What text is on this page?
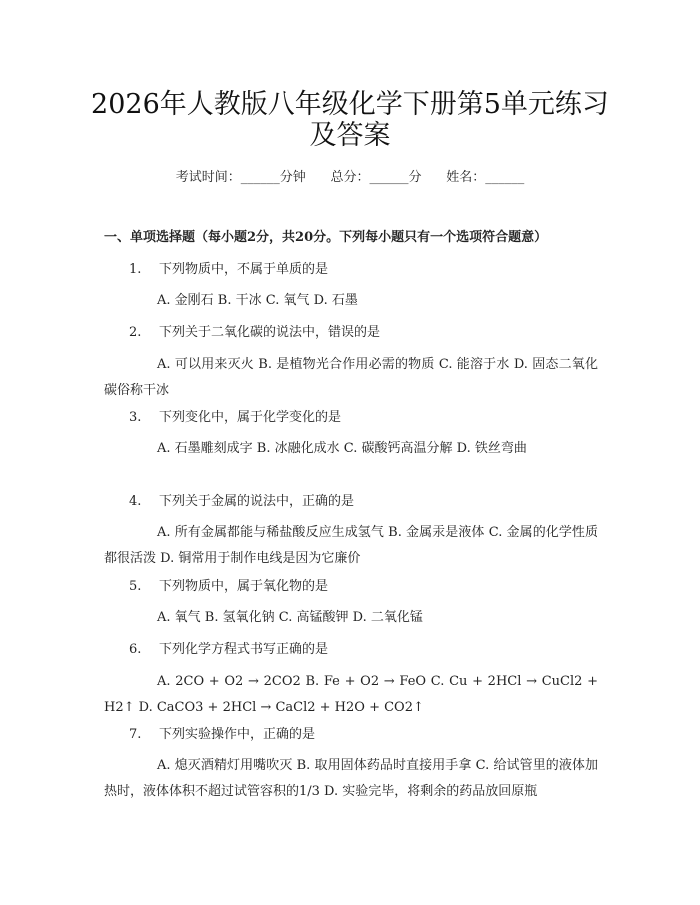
2026年人教版八年级化学下册第5单元练习
及答案
考试时间：______分钟      总分：______分      姓名：______
一、单项选择题（每小题2分，共20分。下列每小题只有一个选项符合题意）
1. 下列物质中，不属于单质的是
A. 金刚石 B. 干冰 C. 氧气 D. 石墨
2. 下列关于二氧化碳的说法中，错误的是
A. 可以用来灭火 B. 是植物光合作用必需的物质 C. 能溶于水 D. 固态二氧化碳俗称干冰
3. 下列变化中，属于化学变化的是
A. 石墨雕刻成字 B. 冰融化成水 C. 碳酸钙高温分解 D. 铁丝弯曲
4. 下列关于金属的说法中，正确的是
A. 所有金属都能与稀盐酸反应生成氢气 B. 金属汞是液体 C. 金属的化学性质都很活泼 D. 铜常用于制作电线是因为它廉价
5. 下列物质中，属于氧化物的是
A. 氧气 B. 氢氧化钠 C. 高锰酸钾 D. 二氧化锰
6. 下列化学方程式书写正确的是
A. 2CO + O2 → 2CO2 B. Fe + O2 → FeO C. Cu + 2HCl → CuCl2 + H2↑ D. CaCO3 + 2HCl → CaCl2 + H2O + CO2↑
7. 下列实验操作中，正确的是
A. 熄灭酒精灯用嘴吹灭 B. 取用固体药品时直接用手拿 C. 给试管里的液体加热时，液体体积不超过试管容积的1/3 D. 实验完毕，将剩余的药品放回原瓶
